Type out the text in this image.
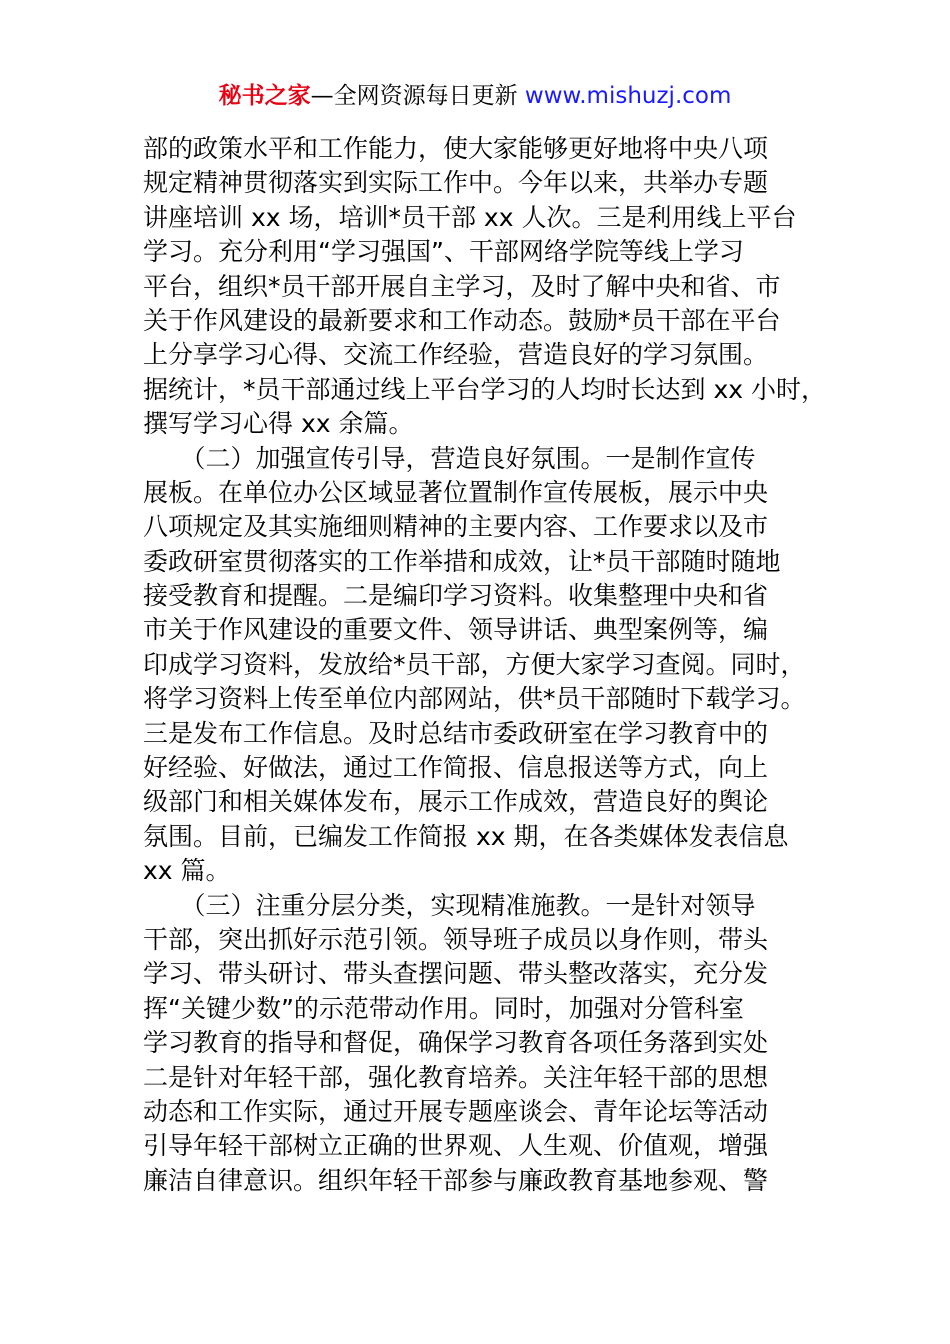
秘书之家—全网资源每日更新 www.mishuzj.com
部的政策水平和工作能力，使大家能够更好地将中央八项
规定精神贯彻落实到实际工作中。今年以来，共举办专题
讲座培训 xx 场，培训*员干部 xx 人次。三是利用线上平台
学习。充分利用“学习强国”、干部网络学院等线上学习
平台，组织*员干部开展自主学习，及时了解中央和省、市
关于作风建设的最新要求和工作动态。鼓励*员干部在平台
上分享学习心得、交流工作经验，营造良好的学习氛围。
据统计，*员干部通过线上平台学习的人均时长达到 xx 小时，
撰写学习心得 xx 余篇。
　　（二）加强宣传引导，营造良好氛围。一是制作宣传
展板。在单位办公区域显著位置制作宣传展板，展示中央
八项规定及其实施细则精神的主要内容、工作要求以及市
委政研室贯彻落实的工作举措和成效，让*员干部随时随地
接受教育和提醒。二是编印学习资料。收集整理中央和省
市关于作风建设的重要文件、领导讲话、典型案例等，编
印成学习资料，发放给*员干部，方便大家学习查阅。同时，
将学习资料上传至单位内部网站，供*员干部随时下载学习。
三是发布工作信息。及时总结市委政研室在学习教育中的
好经验、好做法，通过工作简报、信息报送等方式，向上
级部门和相关媒体发布，展示工作成效，营造良好的舆论
氛围。目前，已编发工作简报 xx 期，在各类媒体发表信息
xx 篇。
　　（三）注重分层分类，实现精准施教。一是针对领导
干部，突出抓好示范引领。领导班子成员以身作则，带头
学习、带头研讨、带头查摆问题、带头整改落实，充分发
挥“关键少数”的示范带动作用。同时，加强对分管科室
学习教育的指导和督促，确保学习教育各项任务落到实处
二是针对年轻干部，强化教育培养。关注年轻干部的思想
动态和工作实际，通过开展专题座谈会、青年论坛等活动
引导年轻干部树立正确的世界观、人生观、价值观，增强
廉洁自律意识。组织年轻干部参与廉政教育基地参观、警
